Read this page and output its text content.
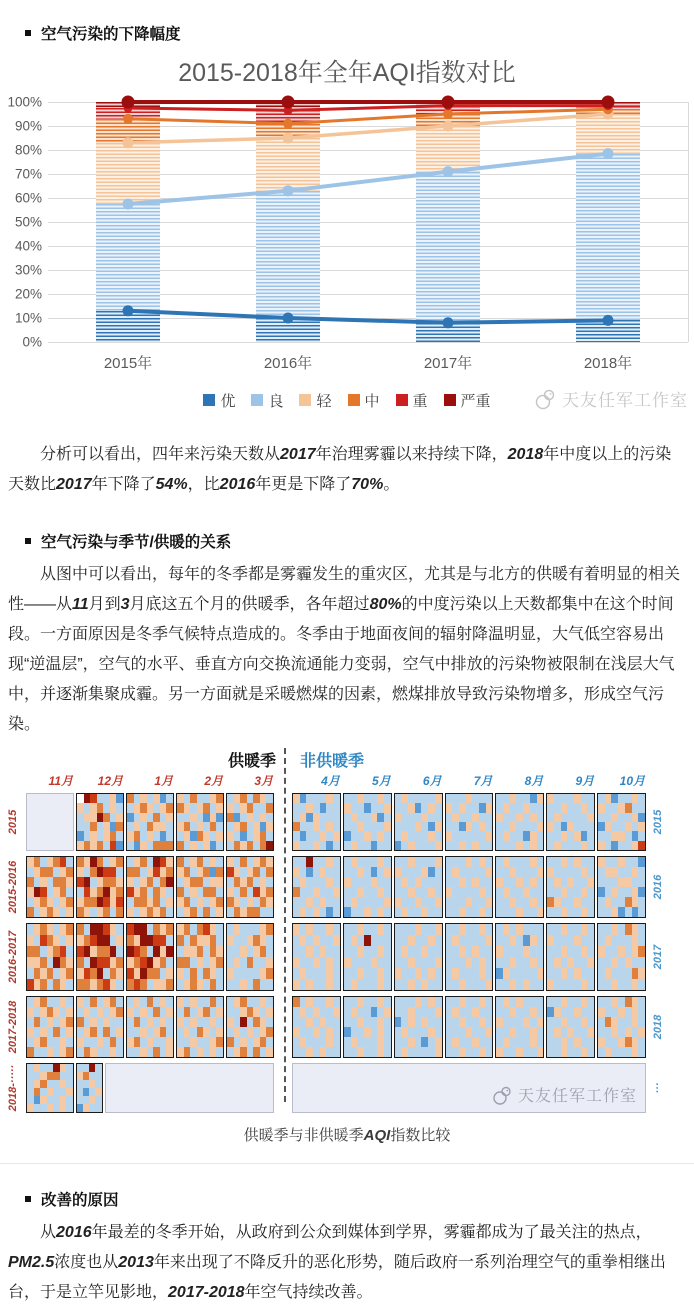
空气污染的下降幅度
2015-2018年全年AQI指数对比
0%
10%
20%
30%
40%
50%
60%
70%
80%
90%
100%
2015年	2016年	2017年	2018年
优 良 轻 中 重 严重	天友任军工作室

分析可以看出，四年来污染天数从2017年治理雾霾以来持续下降，2018年中度以上的污染天数比2017年下降了54%，比2016年更是下降了70%。

空气污染与季节/供暖的关系

从图中可以看出，每年的冬季都是雾霾发生的重灾区，尤其是与北方的供暖有着明显的相关性——从11月到3月底这五个月的供暖季，各年超过80%的中度污染以上天数都集中在这个时间段。一方面原因是冬季气候特点造成的。冬季由于地面夜间的辐射降温明显，大气低空容易出现“逆温层”，空气的水平、垂直方向交换流通能力变弱，空气中排放的污染物被限制在浅层大气中，并逐渐集聚成霾。另一方面就是采暖燃煤的因素，燃煤排放导致污染物增多，形成空气污染。

供暖季 非供暖季
11月	12月	1月	2月	3月	4月	5月	6月	7月	8月	9月	10月
2015	2015
2015-2016	2016
2016-2017	2017
2017-2018	2018
2018-·····	天友任军工作室 ···
供暖季与非供暖季AQI指数比较
改善的原因

从2016年最差的冬季开始，从政府到公众到媒体到学界，雾霾都成为了最关注的热点，PM2.5浓度也从2013年来出现了不降反升的恶化形势，随后政府一系列治理空气的重拳相继出台，于是立竿见影地，2017-2018年空气持续改善。
